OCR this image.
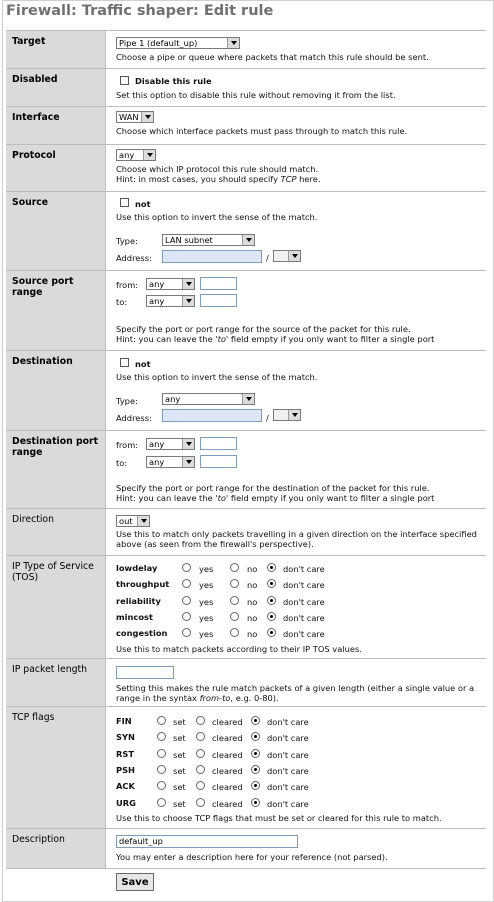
Firewall: Traffic shaper: Edit rule
Target	Pipe 1 (default_up)
Choose a pipe or queue where packets that match this rule should be sent.
Disabled	Disable this rule
Set this option to disable this rule without removing it from the list.
Interface	WAN
Choose which interface packets must pass through to match this rule.
Protocol	any
Choose which IP protocol this rule should match.
Hint: in most cases, you should specify TCP here.
Source	not
Use this option to invert the sense of the match.
Type:	LAN subnet
Address:	/
Source port range
from:	any
to:	any
Specify the port or port range for the source of the packet for this rule.
Hint: you can leave the 'to' field empty if you only want to filter a single port
Destination	not
Use this option to invert the sense of the match.
Type:	any
Address:	/
Destination port range
from:	any
to:	any
Specify the port or port range for the destination of the packet for this rule.
Hint: you can leave the 'to' field empty if you only want to filter a single port
Direction	out
Use this to match only packets travelling in a given direction on the interface specified
above (as seen from the firewall's perspective).
IP Type of Service (TOS)
Use this to match packets according to their IP TOS values.
lowdelay	yes	no	don't care
throughput	yes	no	don't care
reliability	yes	no	don't care
mincost	yes	no	don't care
congestion	yes	no	don't care
IP packet length
Setting this makes the rule match packets of a given length (either a single value or a
range in the syntax from-to, e.g. 0-80).
TCP flags
Use this to choose TCP flags that must be set or cleared for this rule to match.
FIN	set	cleared	don't care
SYN	set	cleared	don't care
RST	set	cleared	don't care
PSH	set	cleared	don't care
ACK	set	cleared	don't care
URG	set	cleared	don't care
Description	default_up
You may enter a description here for your reference (not parsed).
Save
